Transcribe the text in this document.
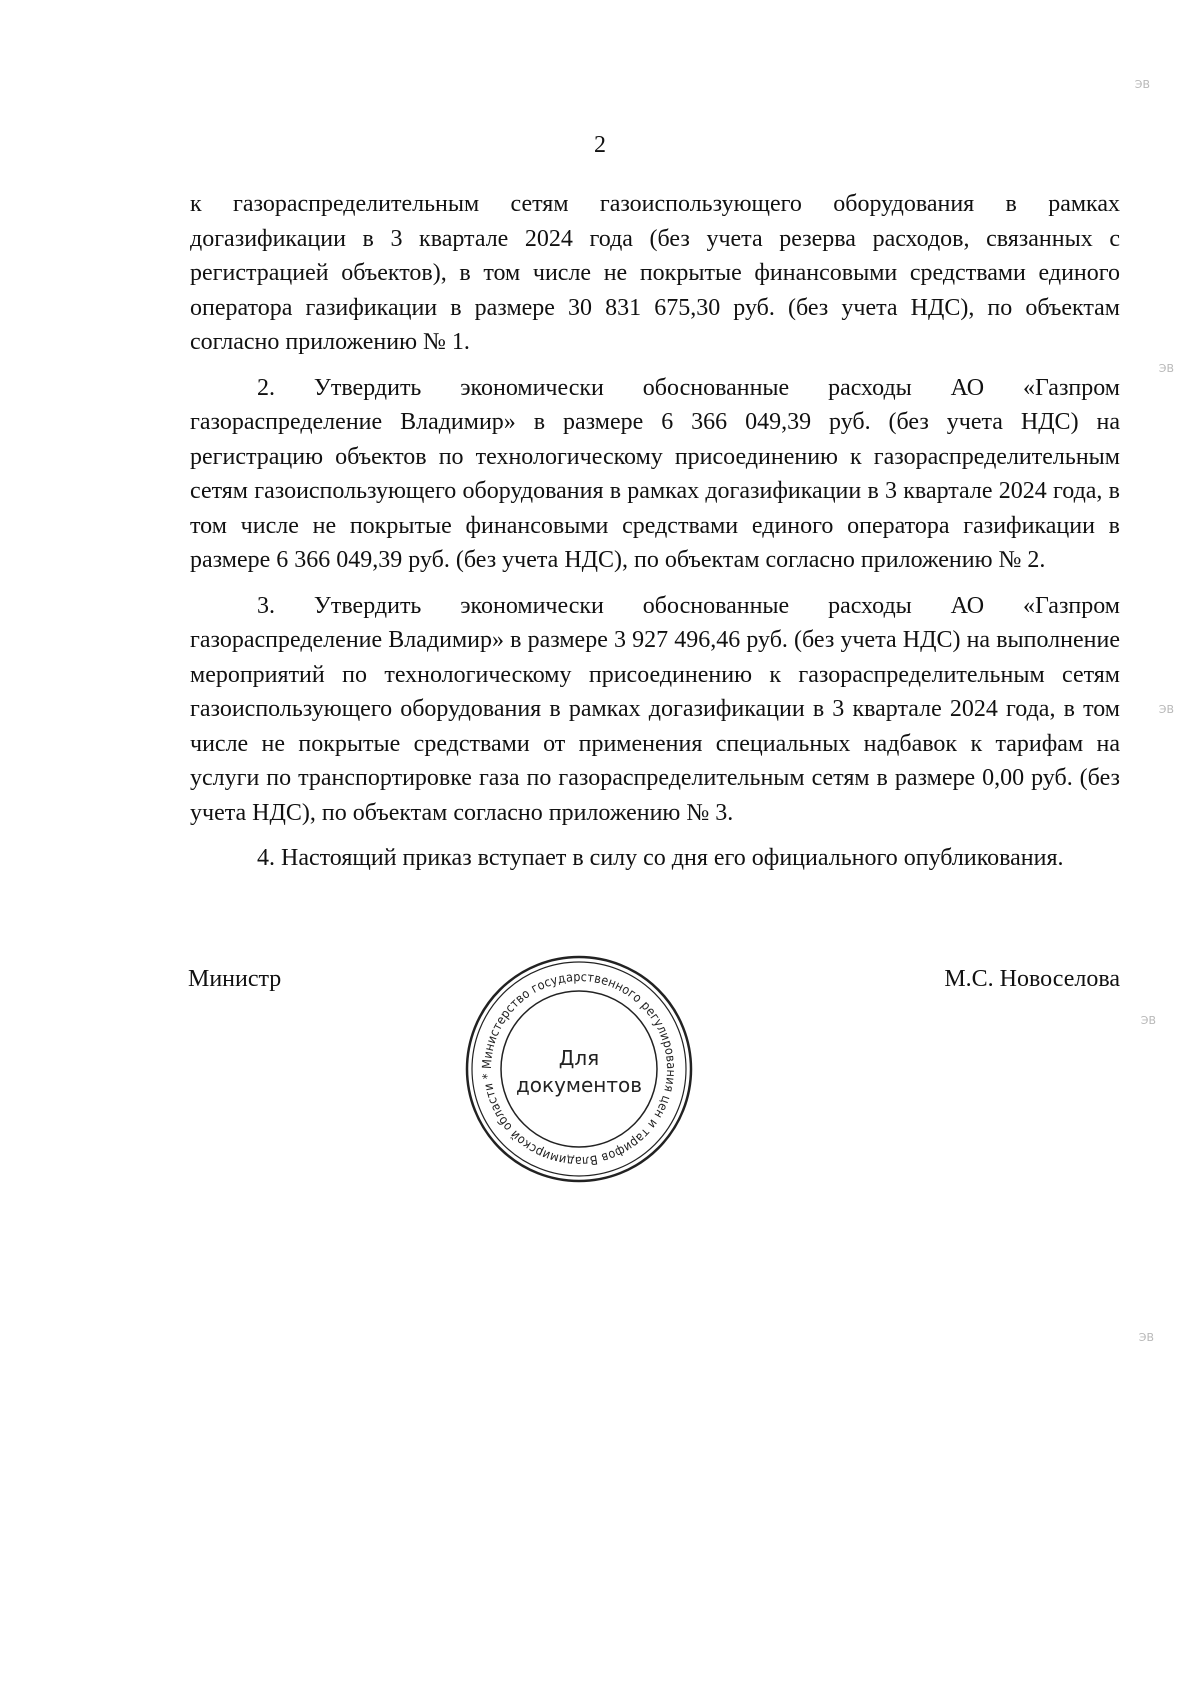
ЭВ
ЭВ
ЭВ
ЭВ
ЭВ
2

к газораспределительным сетям газоиспользующего оборудования в рамках догазификации в 3 квартале 2024 года (без учета резерва расходов, связанных с регистрацией объектов), в том числе не покрытые финансовыми средствами единого оператора газификации в размере 30 831 675,30 руб. (без учета НДС), по объектам согласно приложению № 1.

2. Утвердить экономически обоснованные расходы АО «Газпром газораспределение Владимир» в размере 6 366 049,39 руб. (без учета НДС) на регистрацию объектов по технологическому присоединению к газораспределительным сетям газоиспользующего оборудования в рамках догазификации в 3 квартале 2024 года, в том числе не покрытые финансовыми средствами единого оператора газификации в размере 6 366 049,39 руб. (без учета НДС), по объектам согласно приложению № 2.

3. Утвердить экономически обоснованные расходы АО «Газпром газораспределение Владимир» в размере 3 927 496,46 руб. (без учета НДС) на выполнение мероприятий по технологическому присоединению к газораспределительным сетям газоиспользующего оборудования в рамках догазификации в 3 квартале 2024 года, в том числе не покрытые средствами от применения специальных надбавок к тарифам на услуги по транспортировке газа по газораспределительным сетям в размере 0,00 руб. (без учета НДС), по объектам согласно приложению № 3.

4. Настоящий приказ вступает в силу со дня его официального опубликования.

Министр	М.С. Новоселова
Министерство государственного регулирования цен и тарифов Владимирской области *
Для
документов
